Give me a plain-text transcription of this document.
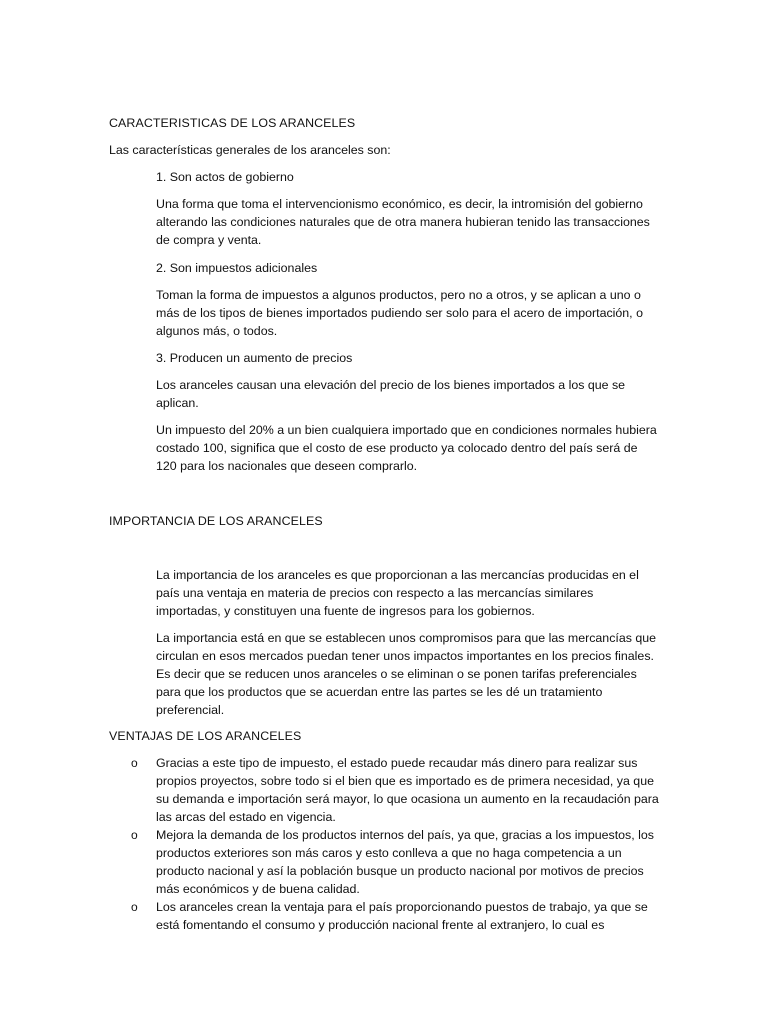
CARACTERISTICAS DE LOS ARANCELES

Las características generales de los aranceles son:

1. Son actos de gobierno

Una forma que toma el intervencionismo económico, es decir, la intromisión del gobierno alterando las condiciones naturales que de otra manera hubieran tenido las transacciones de compra y venta.

2. Son impuestos adicionales

Toman la forma de impuestos a algunos productos, pero no a otros, y se aplican a uno o más de los tipos de bienes importados pudiendo ser solo para el acero de importación, o algunos más, o todos.

3. Producen un aumento de precios

Los aranceles causan una elevación del precio de los bienes importados a los que se aplican.

Un impuesto del 20% a un bien cualquiera importado que en condiciones normales hubiera costado 100, significa que el costo de ese producto ya colocado dentro del país será de 120 para los nacionales que deseen comprarlo.

IMPORTANCIA DE LOS ARANCELES

La importancia de los aranceles es que proporcionan a las mercancías producidas en el país una ventaja en materia de precios con respecto a las mercancías similares importadas, y constituyen una fuente de ingresos para los gobiernos.

La importancia está en que se establecen unos compromisos para que las mercancías que circulan en esos mercados puedan tener unos impactos importantes en los precios finales. Es decir que se reducen unos aranceles o se eliminan o se ponen tarifas preferenciales para que los productos que se acuerdan entre las partes se les dé un tratamiento preferencial.

VENTAJAS DE LOS ARANCELES

o	Gracias a este tipo de impuesto, el estado puede recaudar más dinero para realizar sus propios proyectos, sobre todo si el bien que es importado es de primera necesidad, ya que su demanda e importación será mayor, lo que ocasiona un aumento en la recaudación para las arcas del estado en vigencia.

o	Mejora la demanda de los productos internos del país, ya que, gracias a los impuestos, los productos exteriores son más caros y esto conlleva a que no haga competencia a un producto nacional y así la población busque un producto nacional por motivos de precios más económicos y de buena calidad.

o	Los aranceles crean la ventaja para el país proporcionando puestos de trabajo, ya que se está fomentando el consumo y producción nacional frente al extranjero, lo cual es
